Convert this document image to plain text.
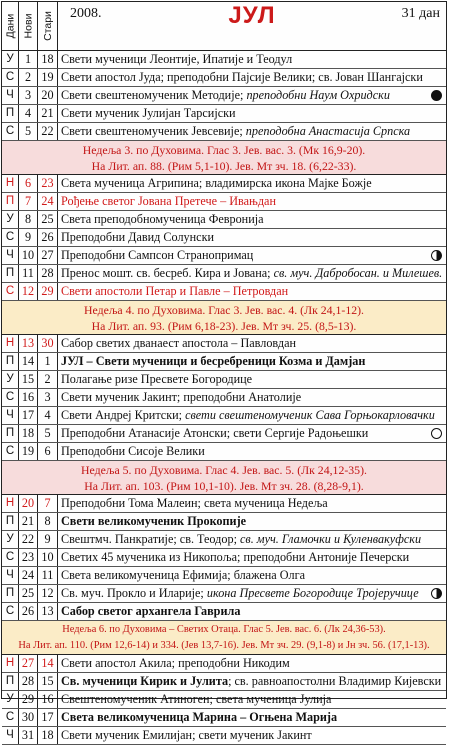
Дани Нови Стари 2008.	ЈУЛ	31 дан
У 1 18 Свети мученици Леонтије, Ипатије и Теодул
С 2 19 Свети апостол Јуда; преподобни Пајсије Велики; св. Јован Шангајски
Ч 3 20 Свети свештеномученик Методије; преподобни Наум Охридски
П 4 21 Свети мученик Јулијан Тарсијски
С 5 22 Свети свештеномученик Јевсевије; преподобна Анастасија Српска
Недеља 3. по Духовима. Глас 3. Јев. вас. 3. (Мк 16,9-20).
На Лит. ап. 88. (Рим 5,1-10). Јев. Мт зч. 18. (6,22-33).
Н 6 23 Света мученица Агрипина; владимирска икона Мајке Божје
П 7 24 Рођење светог Јована Претече – Ивањдан
У 8 25 Света преподобномученица Февронија
С 9 26 Преподобни Давид Солунски
Ч 10 27 Преподобни Сампсон Странопримац
П 11 28 Пренос мошт. св. бесреб. Кира и Јована; св. муч. Дабробосан. и Милешев.
С 12 29 Свети апостоли Петар и Павле – Петровдан
Недеља 4. по Духовима. Глас 3. Јев. вас. 4. (Лк 24,1-12).
На Лит. ап. 93. (Рим 6,18-23). Јев. Мт зч. 25. (8,5-13).
Н 13 30 Сабор светих дванаест апостола – Павловдан
П 14 1 ЈУЛ – Свети мученици и бесребреници Козма и Дамјан
У 15 2 Полагање ризе Пресвете Богородице
С 16 3 Свети мученик Јакинт; преподобни Анатолије
Ч 17 4 Свети Андреј Критски; свети свештеномученик Сава Горњокарловачки
П 18 5 Преподобни Атанасије Атонски; свети Сергије Радоњешки
С 19 6 Преподобни Сисоје Велики
Недеља 5. по Духовима. Глас 4. Јев. вас. 5. (Лк 24,12-35).
На Лит. ап. 103. (Рим 10,1-10). Јев. Мт зч. 28. (8,28-9,1).
Н 20 7 Преподобни Тома Малеин; света мученица Недеља
П 21 8 Свети великомученик Прокопије
У 22 9 Свештмч. Панкратије; св. Теодор; св. муч. Гламочки и Куленвакуфски
С 23 10 Светих 45 мученика из Никопоља; преподобни Антоније Печерски
Ч 24 11 Света великомученица Ефимија; блажена Олга
П 25 12 Св. муч. Прокло и Иларије; икона Пресвете Богородице Тројеручице
С 26 13 Сабор светог архангела Гаврила
Недеља 6. по Духовима – Светих Отаца. Глас 5. Јев. вас. 6. (Лк 24,36-53).
На Лит. ап. 110. (Рим 12,6-14) и 334. (Јев 13,7-16). Јев. Мт зч. 29. (9,1-8) и Јн зч. 56. (17,1-13).
Н 27 14 Свети апостол Акила; преподобни Никодим
П 28 15 Св. мученици Кирик и Јулита; св. равноапостолни Владимир Кијевски
У 29 16 Свештеномученик Атиноген; света мученица Јулија
С 30 17 Света великомученица Марина – Огњена Марија
Ч 31 18 Свети мученик Емилијан; свети мученик Јакинт
